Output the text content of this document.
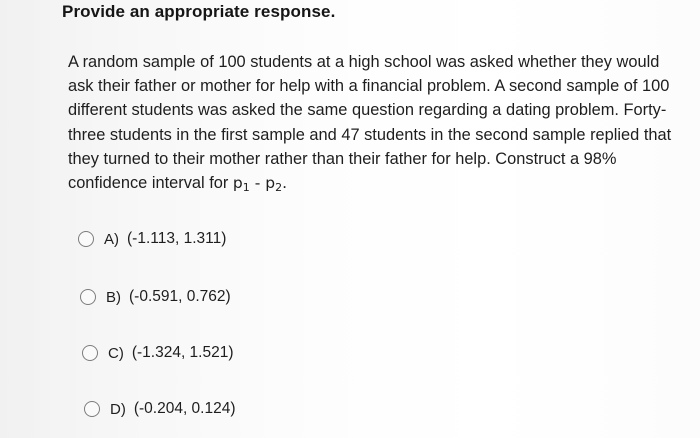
Provide an appropriate response.
A random sample of 100 students at a high school was asked whether they would
ask their father or mother for help with a financial problem. A second sample of 100
different students was asked the same question regarding a dating problem. Forty-
three students in the first sample and 47 students in the second sample replied that
they turned to their mother rather than their father for help. Construct a 98%
confidence interval for $p_1 - p_2$.
A) (-1.113, 1.311)
B) (-0.591, 0.762)
C) (-1.324, 1.521)
D) (-0.204, 0.124)
